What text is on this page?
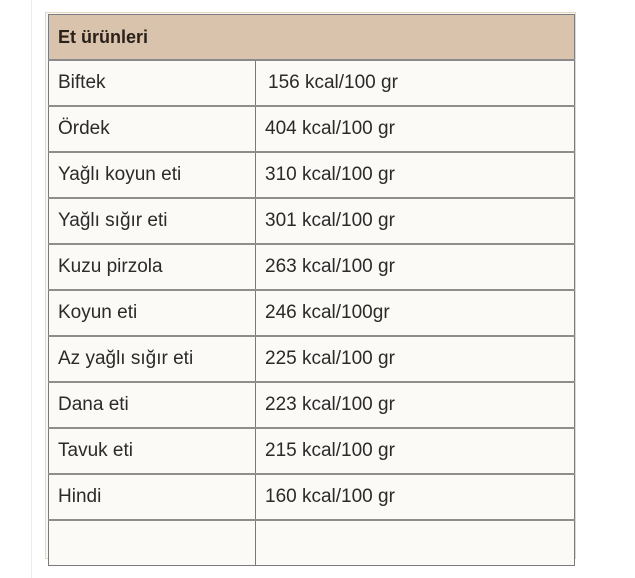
Et ürünleri	
Biftek	156 kcal/100 gr
Ördek	404 kcal/100 gr
Yağlı koyun eti	310 kcal/100 gr
Yağlı sığır eti	301 kcal/100 gr
Kuzu pirzola	263 kcal/100 gr
Koyun eti	246 kcal/100gr
Az yağlı sığır eti	225 kcal/100 gr
Dana eti	223 kcal/100 gr
Tavuk eti	215 kcal/100 gr
Hindi	160 kcal/100 gr
